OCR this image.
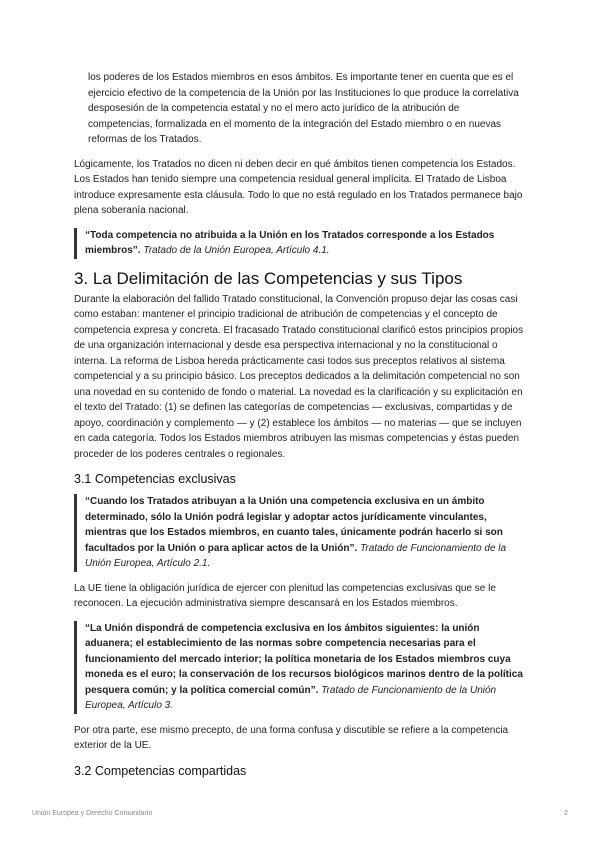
los poderes de los Estados miembros en esos ámbitos. Es importante tener en cuenta que es el ejercicio efectivo de la competencia de la Unión por las Instituciones lo que produce la correlativa desposesión de la competencia estatal y no el mero acto jurídico de la atribución de competencias, formalizada en el momento de la integración del Estado miembro o en nuevas reformas de los Tratados.

Lógicamente, los Tratados no dicen ni deben decir en qué ámbitos tienen competencia los Estados. Los Estados han tenido siempre una competencia residual general implícita. El Tratado de Lisboa introduce expresamente esta cláusula. Todo lo que no está regulado en los Tratados permanece bajo plena soberanía nacional.

“Toda competencia no atribuida a la Unión en los Tratados corresponde a los Estados miembros”. Tratado de la Unión Europea, Artículo 4.1.
3. La Delimitación de las Competencias y sus Tipos

Durante la elaboración del fallido Tratado constitucional, la Convención propuso dejar las cosas casi como estaban: mantener el principio tradicional de atribución de competencias y el concepto de competencia expresa y concreta. El fracasado Tratado constitucional clarificó estos principios propios de una organización internacional y desde esa perspectiva internacional y no la constitucional o interna. La reforma de Lisboa hereda prácticamente casi todos sus preceptos relativos al sistema competencial y a su principio básico. Los preceptos dedicados a la delimitación competencial no son una novedad en su contenido de fondo o material. La novedad es la clarificación y su explicitación en el texto del Tratado: (1) se definen las categorías de competencias — exclusivas, compartidas y de apoyo, coordinación y complemento — y (2) establece los ámbitos — no materias — que se incluyen en cada categoría. Todos los Estados miembros atribuyen las mismas competencias y éstas pueden proceder de los poderes centrales o regionales.

3.1 Competencias exclusivas
“Cuando los Tratados atribuyan a la Unión una competencia exclusiva en un ámbito determinado, sólo la Unión podrá legislar y adoptar actos jurídicamente vinculantes, mientras que los Estados miembros, en cuanto tales, únicamente podrán hacerlo si son facultados por la Unión o para aplicar actos de la Unión”. Tratado de Funcionamiento de la Unión Europea, Artículo 2.1.

La UE tiene la obligación jurídica de ejercer con plenitud las competencias exclusivas que se le reconocen. La ejecución administrativa siempre descansará en los Estados miembros.

“La Unión dispondrá de competencia exclusiva en los ámbitos siguientes: la unión aduanera; el establecimiento de las normas sobre competencia necesarias para el funcionamiento del mercado interior; la política monetaria de los Estados miembros cuya moneda es el euro; la conservación de los recursos biológicos marinos dentro de la política pesquera común; y la política comercial común”. Tratado de Funcionamiento de la Unión Europea, Artículo 3.

Por otra parte, ese mismo precepto, de una forma confusa y discutible se refiere a la competencia exterior de la UE.

3.2 Competencias compartidas
Unión Europea y Derecho Comunitario	2
